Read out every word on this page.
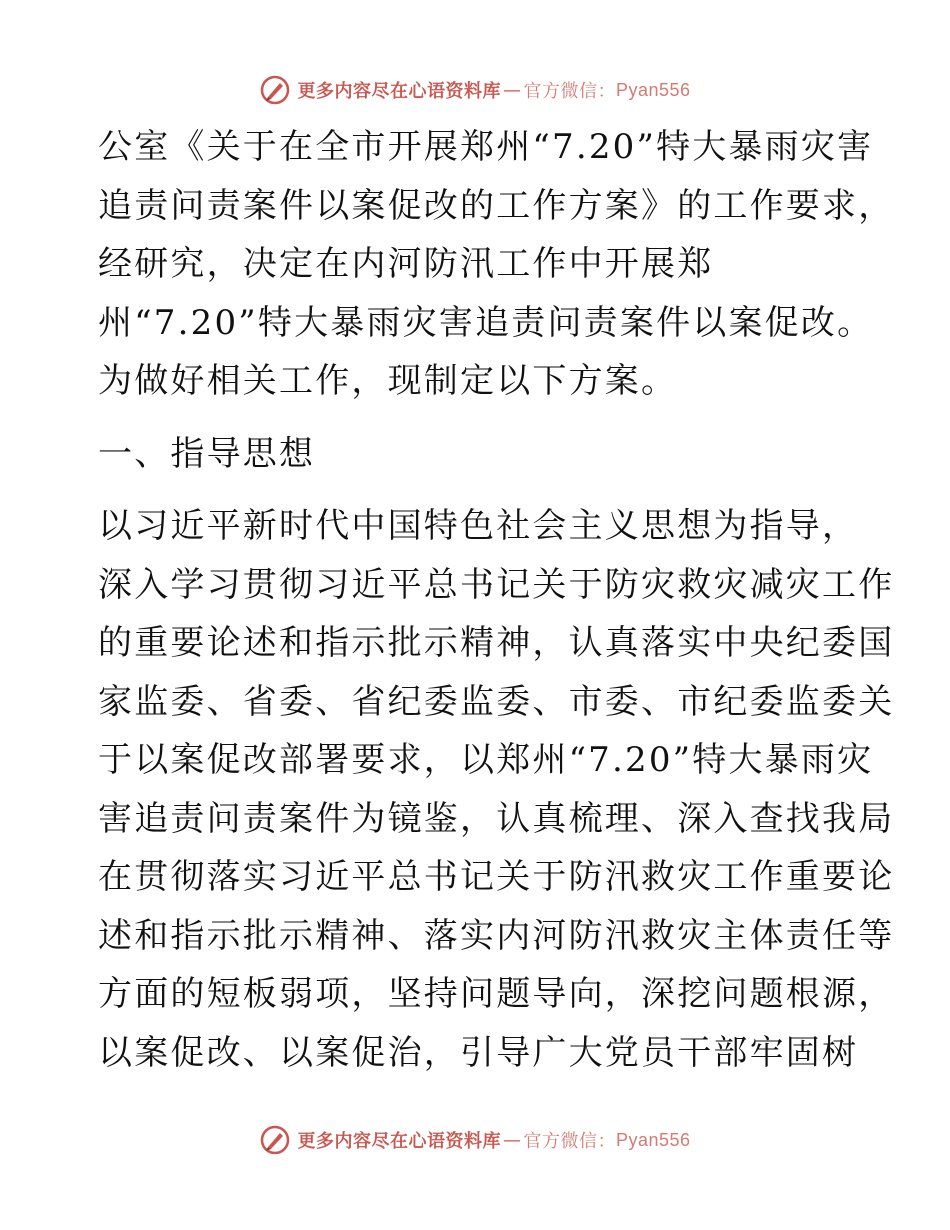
更多内容尽在心语资料库 — 官方微信： Pyan556
公室《关于在全市开展郑州“7.20”特大暴雨灾害
追责问责案件以案促改的工作方案》的工作要求，
经研究，决定在内河防汛工作中开展郑
州“7.20”特大暴雨灾害追责问责案件以案促改。
为做好相关工作，现制定以下方案。
一、指导思想
以习近平新时代中国特色社会主义思想为指导，
深入学习贯彻习近平总书记关于防灾救灾减灾工作
的重要论述和指示批示精神，认真落实中央纪委国
家监委、省委、省纪委监委、市委、市纪委监委关
于以案促改部署要求，以郑州“7.20”特大暴雨灾
害追责问责案件为镜鉴，认真梳理、深入查找我局
在贯彻落实习近平总书记关于防汛救灾工作重要论
述和指示批示精神、落实内河防汛救灾主体责任等
方面的短板弱项，坚持问题导向，深挖问题根源，
以案促改、以案促治，引导广大党员干部牢固树
更多内容尽在心语资料库 — 官方微信： Pyan556
